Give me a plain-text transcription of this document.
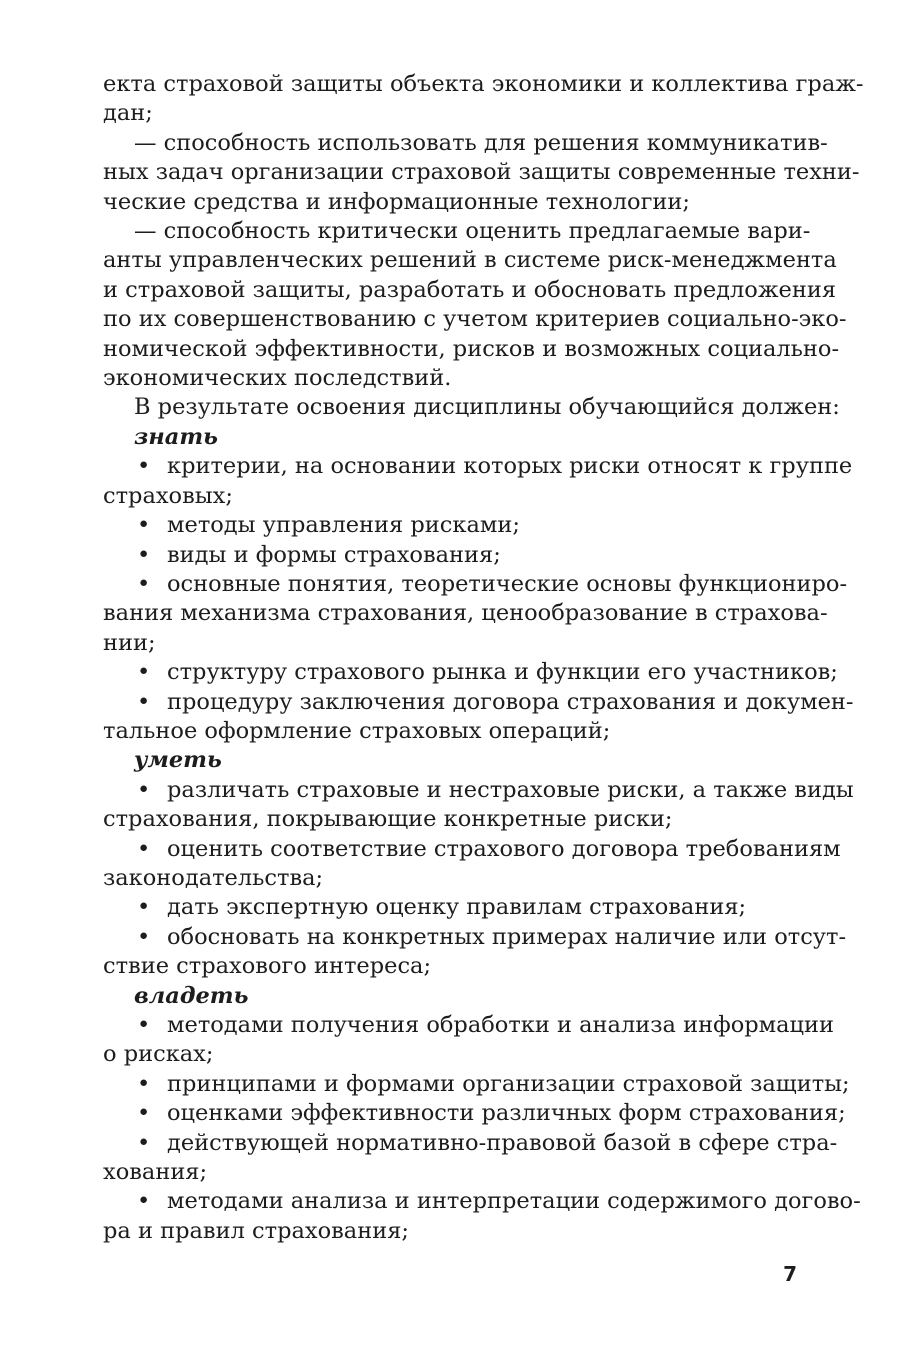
екта страховой защиты объекта экономики и коллектива граж-
дан;

— способность использовать для решения коммуникатив-
ных задач организации страховой защиты современные техни-
ческие средства и информационные технологии;

— способность критически оценить предлагаемые вари-
анты управленческих решений в системе риск-менеджмента
и страховой защиты, разработать и обосновать предложения
по их совершенствованию с учетом критериев социально-эко-
номической эффективности, рисков и возможных социально-
экономических последствий.

В результате освоения дисциплины обучающийся должен:

знать

• критерии, на основании которых риски относят к группе
страховых;

• методы управления рисками;

• виды и формы страхования;

• основные понятия, теоретические основы функциониро-
вания механизма страхования, ценообразование в страхова-
нии;

• структуру страхового рынка и функции его участников;

• процедуру заключения договора страхования и докумен-
тальное оформление страховых операций;

уметь

• различать страховые и нестраховые риски, а также виды
страхования, покрывающие конкретные риски;

• оценить соответствие страхового договора требованиям
законодательства;

• дать экспертную оценку правилам страхования;

• обосновать на конкретных примерах наличие или отсут-
ствие страхового интереса;

владеть

• методами получения обработки и анализа информации
о рисках;

• принципами и формами организации страховой защиты;

• оценками эффективности различных форм страхования;

• действующей нормативно-правовой базой в сфере стра-
хования;

• методами анализа и интерпретации содержимого догово-
ра и правил страхования;

7
